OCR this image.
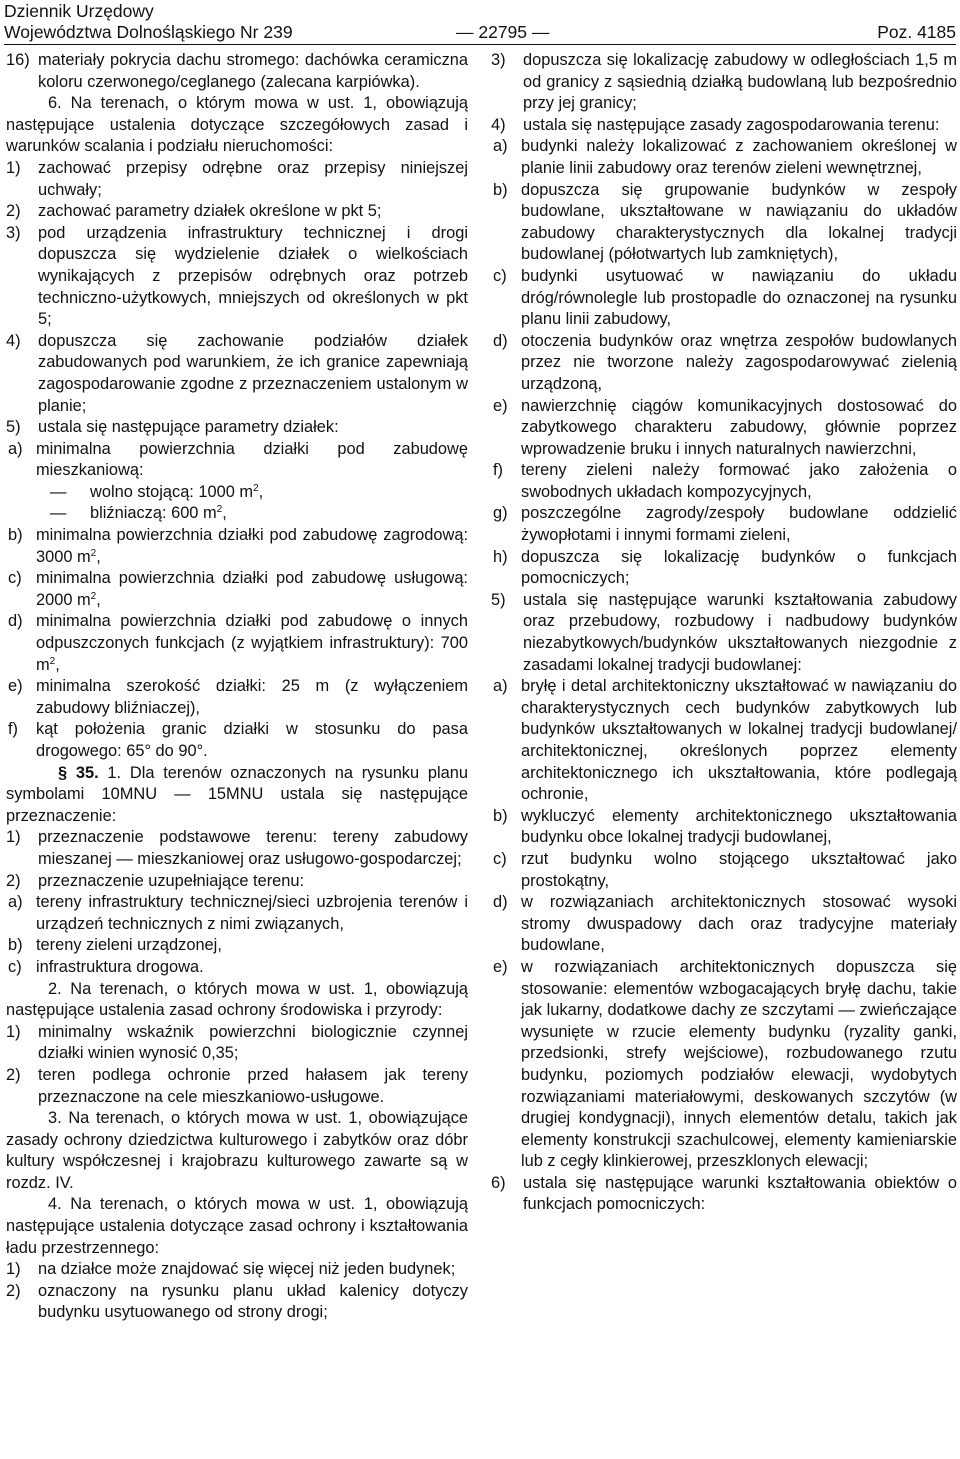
Dziennik Urzędowy
Województwa Dolnośląskiego Nr 239	— 22795 —	Poz. 4185
16) materiały pokrycia dachu stromego: dachówka ceramiczna koloru czerwonego/ceglanego (zalecana karpiówka).

6. Na terenach, o którym mowa w ust. 1, obowiązują następujące ustalenia dotyczące szczegółowych zasad i warunków scalania i podziału nieruchomości:

1)	zachować przepisy odrębne oraz przepisy niniejszej uchwały;
2)	zachować parametry działek określone w pkt 5;
3)	pod urządzenia infrastruktury technicznej i drogi dopuszcza się wydzielenie działek o wielkościach wynikających z przepisów odrębnych oraz potrzeb techniczno-użytkowych, mniejszych od określonych w pkt 5;
4)	dopuszcza się zachowanie podziałów działek zabudowanych pod warunkiem, że ich granice zapewniają zagospodarowanie zgodne z przeznaczeniem ustalonym w planie;
5)	ustala się następujące parametry działek:
a) minimalna powierzchnia działki pod zabudowę mieszkaniową:
—	wolno stojącą: 1000 $m^2$,
—	bliźniaczą: 600 $m^2$,
b) minimalna powierzchnia działki pod zabudowę zagrodową: 3000 $m^2$,
c) minimalna powierzchnia działki pod zabudowę usługową: 2000 $m^2$,
d) minimalna powierzchnia działki pod zabudowę o innych odpuszczonych funkcjach (z wyjątkiem infrastruktury): 700 $m^2$,
e) minimalna szerokość działki: 25 m (z wyłączeniem zabudowy bliźniaczej),
f)	kąt położenia granic działki w stosunku do pasa drogowego: 65° do 90°.

§ 35. 1. Dla terenów oznaczonych na rysunku planu symbolami 10MNU — 15MNU ustala się następujące przeznaczenie:

1)	przeznaczenie podstawowe terenu: tereny zabudowy mieszanej — mieszkaniowej oraz usługowo-gospodarczej;
2)	przeznaczenie uzupełniające terenu:
a) tereny infrastruktury technicznej/sieci uzbrojenia terenów i urządzeń technicznych z nimi związanych,
b) tereny zieleni urządzonej,
c) infrastruktura drogowa.

2. Na terenach, o których mowa w ust. 1, obowiązują następujące ustalenia zasad ochrony środowiska i przyrody:

1)	minimalny wskaźnik powierzchni biologicznie czynnej działki winien wynosić 0,35;
2)	teren podlega ochronie przed hałasem jak tereny przeznaczone na cele mieszkaniowo-usługowe.

3. Na terenach, o których mowa w ust. 1, obowiązujące zasady ochrony dziedzictwa kulturowego i zabytków oraz dóbr kultury współczesnej i krajobrazu kulturowego zawarte są w rozdz. IV.

4. Na terenach, o których mowa w ust. 1, obowiązują następujące ustalenia dotyczące zasad ochrony i kształtowania ładu przestrzennego:

1)	na działce może znajdować się więcej niż jeden budynek;
2)	oznaczony na rysunku planu układ kalenicy dotyczy budynku usytuowanego od strony drogi;
3)	dopuszcza się lokalizację zabudowy w odległościach 1,5 m od granicy z sąsiednią działką budowlaną lub bezpośrednio przy jej granicy;
4)	ustala się następujące zasady zagospodarowania terenu:
a) budynki należy lokalizować z zachowaniem określonej w planie linii zabudowy oraz terenów zieleni wewnętrznej,
b) dopuszcza się grupowanie budynków w zespoły budowlane, ukształtowane w nawiązaniu do układów zabudowy charakterystycznych dla lokalnej tradycji budowlanej (półotwartych lub zamkniętych),
c) budynki usytuować w nawiązaniu do układu dróg/równolegle lub prostopadle do oznaczonej na rysunku planu linii zabudowy,
d) otoczenia budynków oraz wnętrza zespołów budowlanych przez nie tworzone należy zagospodarowywać zielenią urządzoną,
e) nawierzchnię ciągów komunikacyjnych dostosować do zabytkowego charakteru zabudowy, głównie poprzez wprowadzenie bruku i innych naturalnych nawierzchni,
f)	tereny zieleni należy formować jako założenia o swobodnych układach kompozycyjnych,
g) poszczególne zagrody/zespoły budowlane oddzielić żywopłotami i innymi formami zieleni,
h) dopuszcza się lokalizację budynków o funkcjach pomocniczych;
5)	ustala się następujące warunki kształtowania zabudowy oraz przebudowy, rozbudowy i nadbudowy budynków niezabytkowych/budynków ukształtowanych niezgodnie z zasadami lokalnej tradycji budowlanej:
a) bryłę i detal architektoniczny ukształtować w nawiązaniu do charakterystycznych cech budynków zabytkowych lub budynków ukształtowanych w lokalnej tradycji budowlanej/ architektonicznej, określonych poprzez elementy architektonicznego ich ukształtowania, które podlegają ochronie,
b) wykluczyć elementy architektonicznego ukształtowania budynku obce lokalnej tradycji budowlanej,
c) rzut budynku wolno stojącego ukształtować jako prostokątny,
d) w rozwiązaniach architektonicznych stosować wysoki stromy dwuspadowy dach oraz tradycyjne materiały budowlane,
e) w rozwiązaniach architektonicznych dopuszcza się stosowanie: elementów wzbogacających bryłę dachu, takie jak lukarny, dodatkowe dachy ze szczytami — zwieńczające wysunięte w rzucie elementy budynku (ryzality ganki, przedsionki, strefy wejściowe), rozbudowanego rzutu budynku, poziomych podziałów elewacji, wydobytych rozwiązaniami materiałowymi, deskowanych szczytów (w drugiej kondygnacji), innych elementów detalu, takich jak elementy konstrukcji szachulcowej, elementy kamieniarskie lub z cegły klinkierowej, przeszklonych elewacji;
6)	ustala się następujące warunki kształtowania obiektów o funkcjach pomocniczych:
